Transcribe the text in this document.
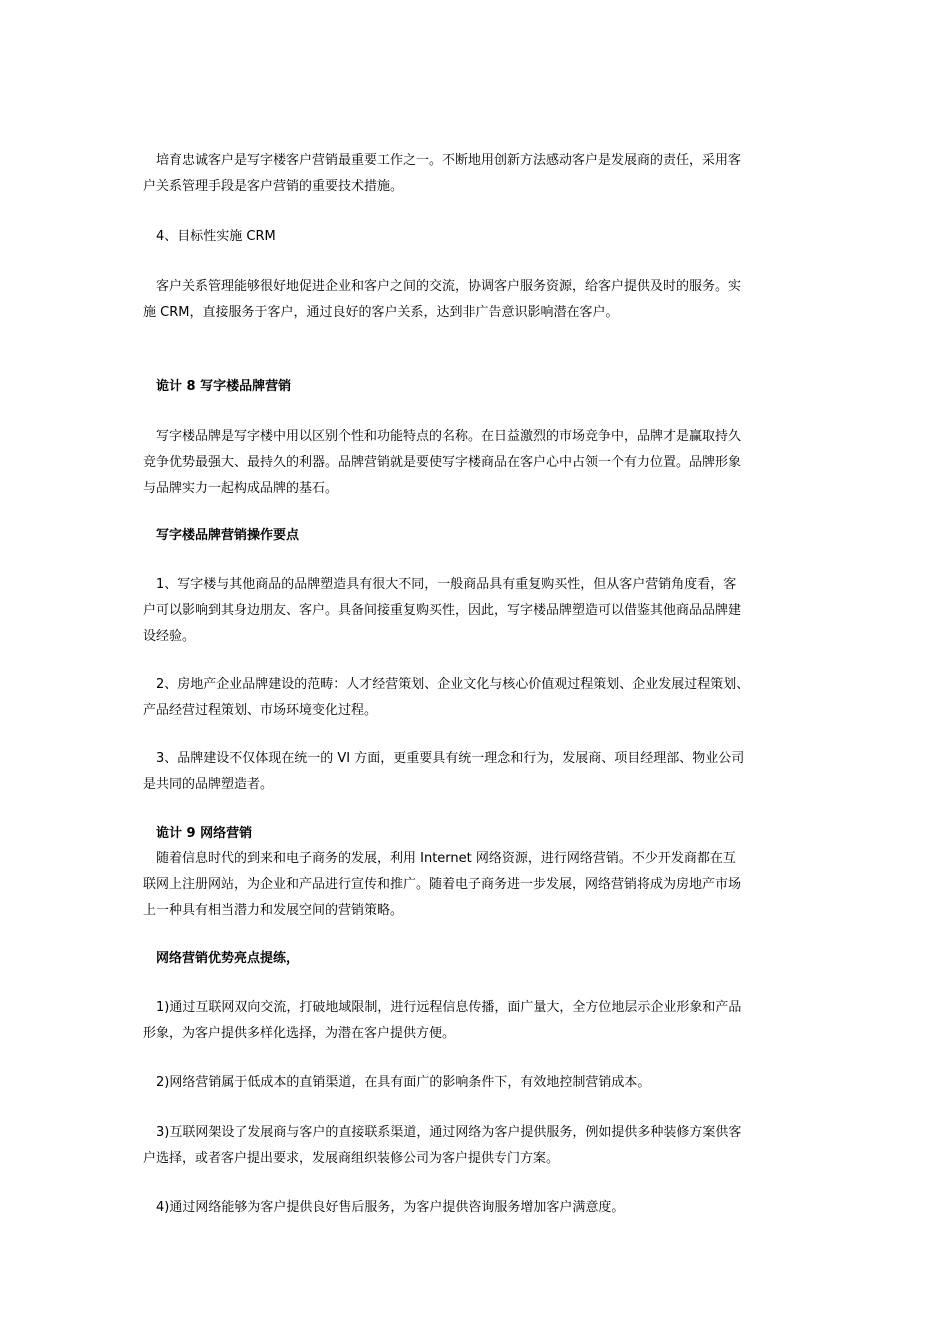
　培育忠诚客户是写字楼客户营销最重要工作之一。不断地用创新方法感动客户是发展商的责任，采用客
户关系管理手段是客户营销的重要技术措施。
　4、目标性实施 CRM
　客户关系管理能够很好地促进企业和客户之间的交流，协调客户服务资源，给客户提供及时的服务。实
施 CRM，直接服务于客户，通过良好的客户关系，达到非广告意识影响潜在客户。
　诡计 8 写字楼品牌营销
　写字楼品牌是写字楼中用以区别个性和功能特点的名称。在日益激烈的市场竞争中，品牌才是赢取持久
竞争优势最强大、最持久的利器。品牌营销就是要使写字楼商品在客户心中占领一个有力位置。品牌形象
与品牌实力一起构成品牌的基石。
　写字楼品牌营销操作要点
　1、写字楼与其他商品的品牌塑造具有很大不同，一般商品具有重复购买性，但从客户营销角度看，客
户可以影响到其身边朋友、客户。具备间接重复购买性，因此，写字楼品牌塑造可以借鉴其他商品品牌建
设经验。
　2、房地产企业品牌建设的范畴：人才经营策划、企业文化与核心价值观过程策划、企业发展过程策划、
产品经营过程策划、市场环境变化过程。
　3、品牌建设不仅体现在统一的 VI 方面，更重要具有统一理念和行为，发展商、项目经理部、物业公司
是共同的品牌塑造者。
　诡计 9 网络营销
　随着信息时代的到来和电子商务的发展，利用 Internet 网络资源，进行网络营销。不少开发商都在互
联网上注册网站，为企业和产品进行宣传和推广。随着电子商务进一步发展，网络营销将成为房地产市场
上一种具有相当潜力和发展空间的营销策略。
　网络营销优势亮点提练，
　1)通过互联网双向交流，打破地域限制，进行远程信息传播，面广量大，全方位地层示企业形象和产品
形象，为客户提供多样化选择，为潜在客户提供方便。
　2)网络营销属于低成本的直销渠道，在具有面广的影响条件下，有效地控制营销成本。
　3)互联网架设了发展商与客户的直接联系渠道，通过网络为客户提供服务，例如提供多种装修方案供客
户选择，或者客户提出要求，发展商组织装修公司为客户提供专门方案。
　4)通过网络能够为客户提供良好售后服务，为客户提供咨询服务增加客户满意度。
